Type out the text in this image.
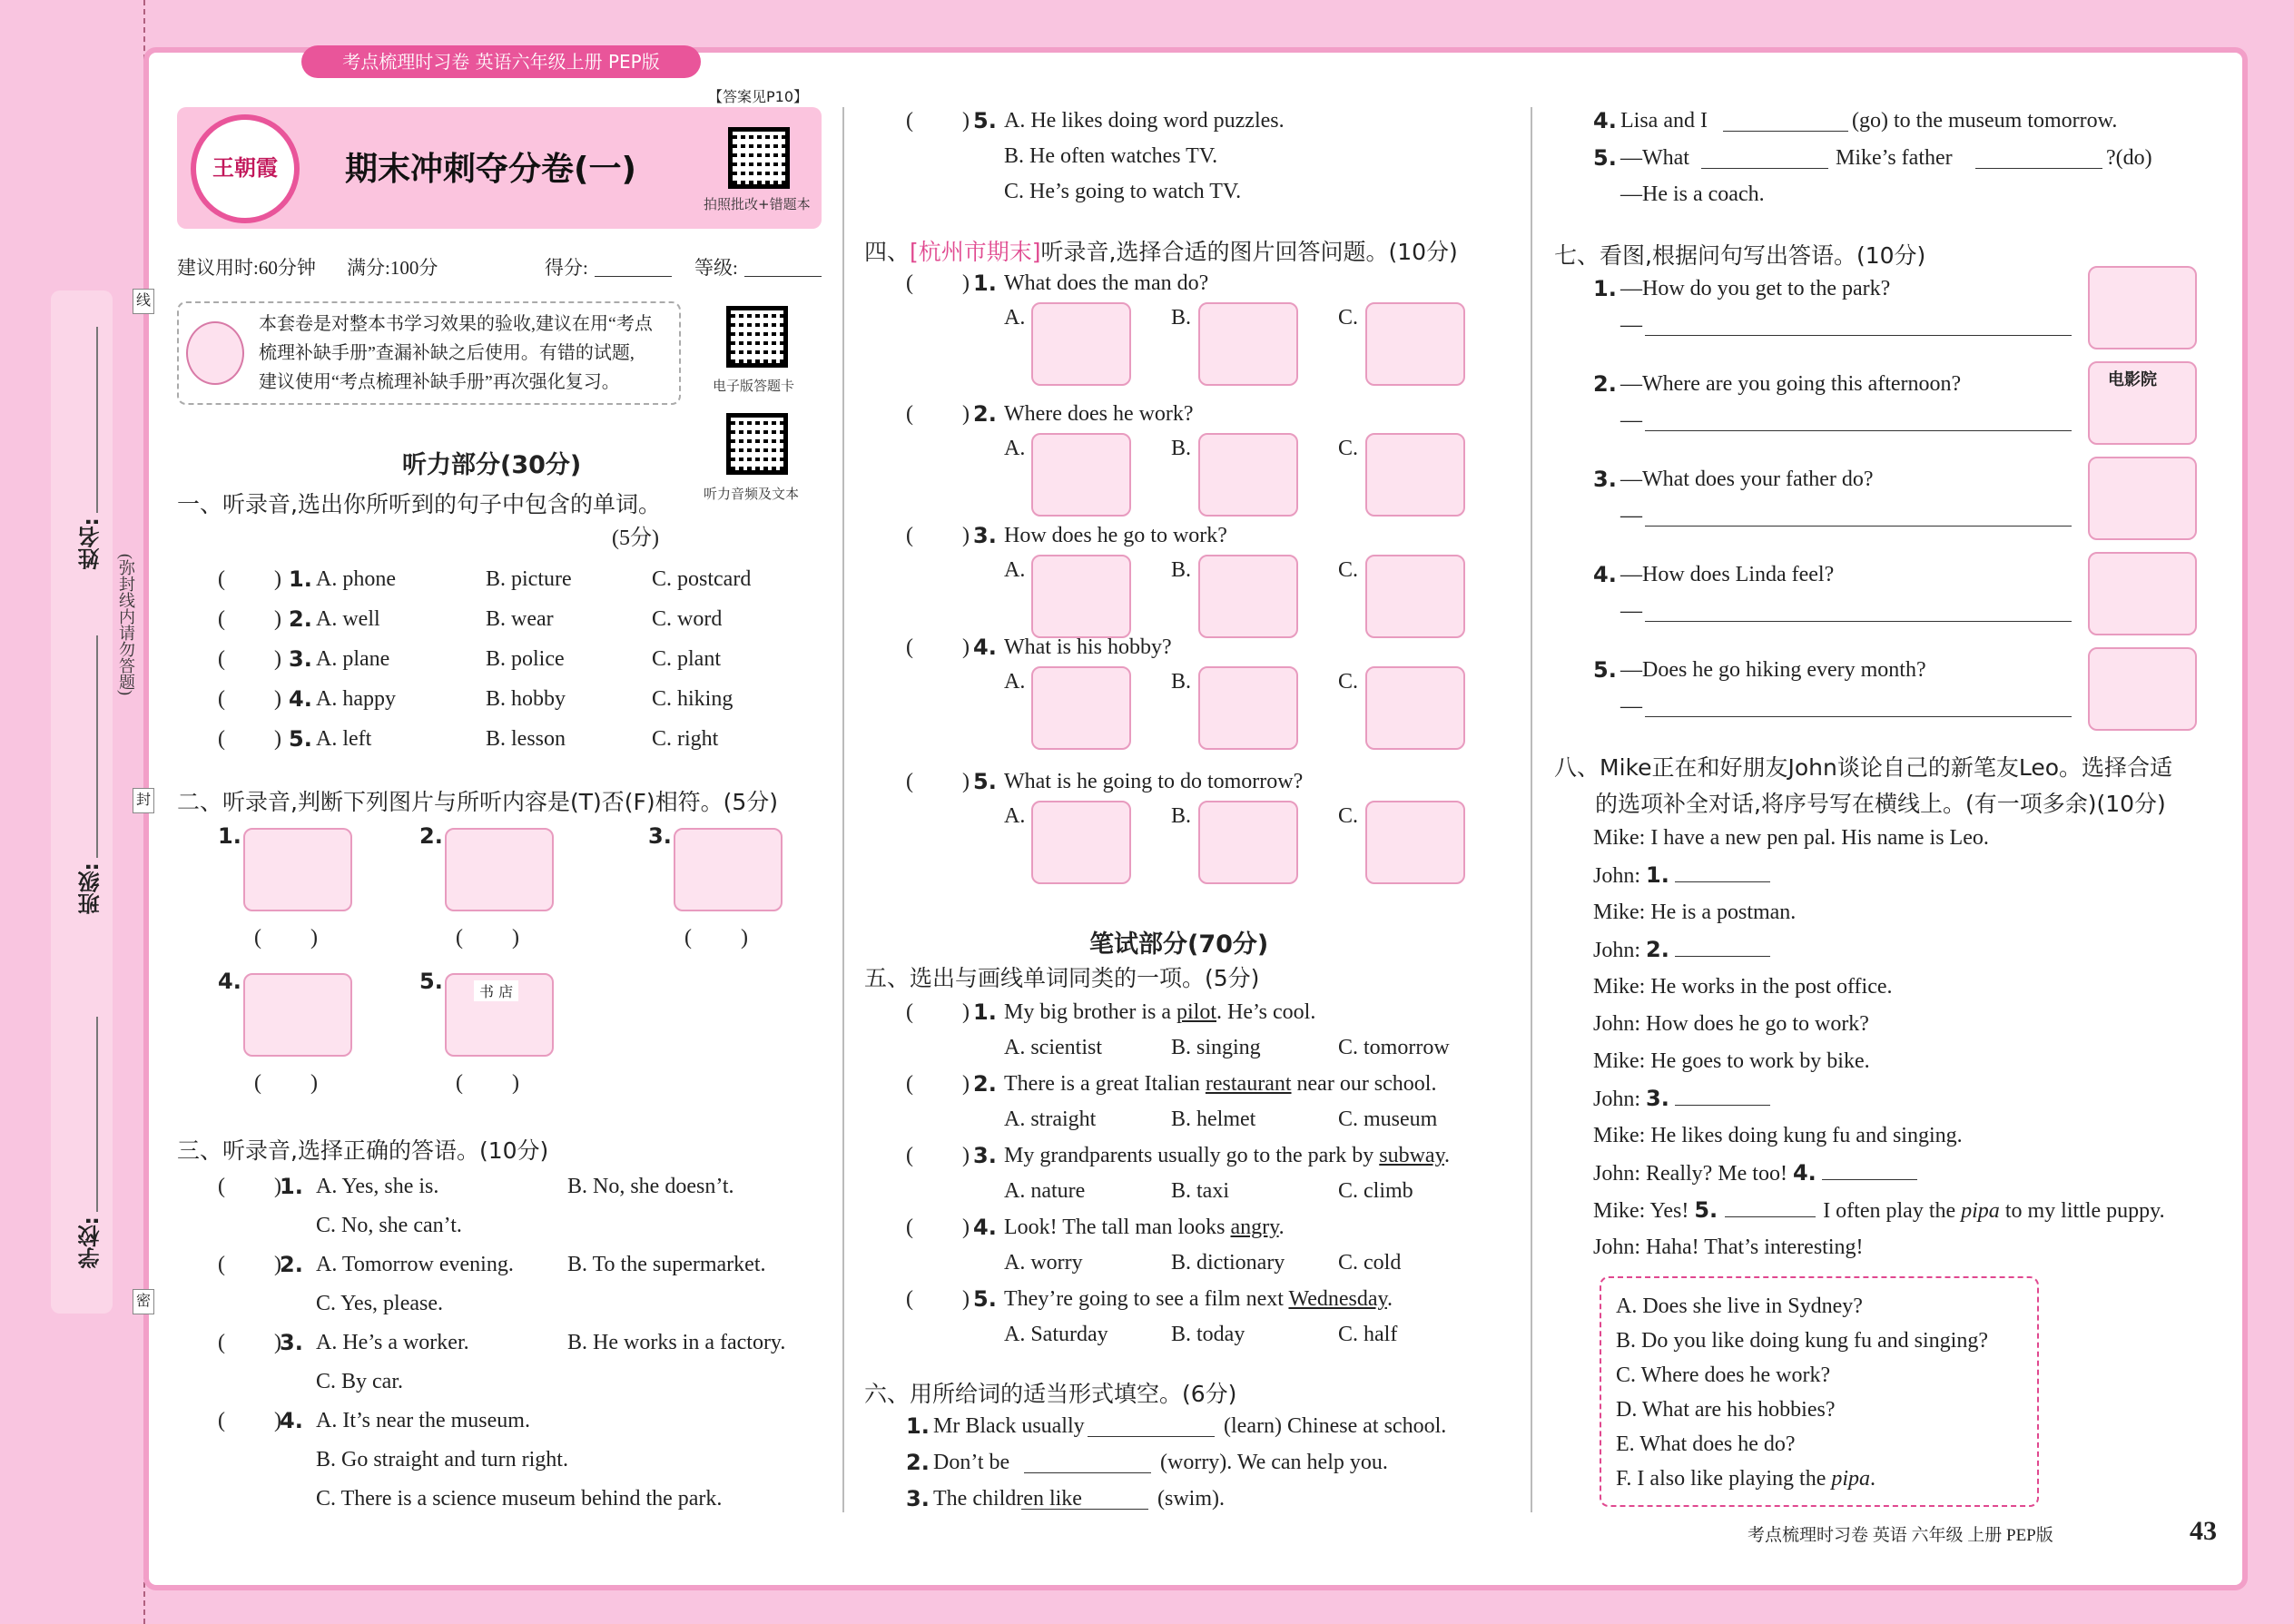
考点梳理时习卷 英语六年级上册 PEP版
姓名:
班级:
学校:
(弥封线内请勿答题)
线
封
密
王朝霞	期末冲刺夺分卷(一)
【答案见P10】
拍照批改+错题本
电子版答题卡
听力音频及文本
建议用时:60分钟 满分:100分	得分:	等级:
本套卷是对整本书学习效果的验收,建议在用“考点
梳理补缺手册”查漏补缺之后使用。有错的试题,
建议使用“考点梳理补缺手册”再次强化复习。
听力部分(30分)
一、听录音,选出你所听到的句子中包含的单词。
(5分)
( ) 1. A. phone	B. picture	C. postcard
( ) 2. A. well	B. wear	C. word
( ) 3. A. plane	B. police	C. plant
( ) 4. A. happy	B. hobby	C. hiking
( ) 5. A. left	B. lesson	C. right
二、听录音,判断下列图片与所听内容是(T)否(F)相符。(5分)
1.
( )
2.
( )
3.
( )
4.
( )
5.	书 店
( )
三、听录音,选择正确的答语。(10分)
( )
1. A. Yes, she is.	B. No, she doesn’t.
C. No, she can’t.
( )
2. A. Tomorrow evening. B. To the supermarket.
C. Yes, please.
( )
3. A. He’s a worker.	B. He works in a factory.
C. By car.
( )
4. A. It’s near the museum.
B. Go straight and turn right.
C. There is a science museum behind the park.
( ) 5. A. He likes doing word puzzles.
B. He often watches TV.
C. He’s going to watch TV.
四、[杭州市期末]听录音,选择合适的图片回答问题。(10分)
( ) 1. What does the man do?
A.	B.	C.
( ) 2. Where does he work?
A.	B.	C.
( ) 3. How does he go to work?
A.	B.	C.
( ) 4. What is his hobby?
A.	B.	C.
( ) 5. What is he going to do tomorrow?
A.	B.	C.
笔试部分(70分)
五、选出与画线单词同类的一项。(5分)
( ) 1. My big brother is a pilot. He’s cool.
A. scientist	B. singing	C. tomorrow
( ) 2. There is a great Italian restaurant near our school.
A. straight	B. helmet	C. museum
( ) 3. My grandparents usually go to the park by subway.
A. nature	B. taxi	C. climb
( ) 4. Look! The tall man looks angry.
A. worry	B. dictionary C. cold
( ) 5. They’re going to see a film next Wednesday.
A. Saturday	B. today	C. half
六、用所给词的适当形式填空。(6分)
1. Mr Black usually	(learn) Chinese at school.
2. Don’t be	(worry). We can help you.
3. The children like	(swim).
4. Lisa and I	(go) to the museum tomorrow.
5. —What	Mike’s father	?(do)
—He is a coach.
七、看图,根据问句写出答语。(10分)
1. —How do you get to the park?
—
2. —Where are you going this afternoon?
—
电影院
3. —What does your father do?
—
4. —How does Linda feel?
—
5. —Does he go hiking every month?
—
八、Mike正在和好朋友John谈论自己的新笔友Leo。选择合适
的选项补全对话,将序号写在横线上。(有一项多余)(10分)
Mike: I have a new pen pal. His name is Leo.
John: 1.
Mike: He is a postman.
John: 2.
Mike: He works in the post office.
John: How does he go to work?
Mike: He goes to work by bike.
John: 3.
Mike: He likes doing kung fu and singing.
John: Really? Me too! 4.
Mike: Yes! 5.	I often play the pipa to my little puppy.
John: Haha! That’s interesting!
A. Does she live in Sydney?
B. Do you like doing kung fu and singing?
C. Where does he work?
D. What are his hobbies?
E. What does he do?
F. I also like playing the pipa.
考点梳理时习卷 英语 六年级 上册 PEP版	43
